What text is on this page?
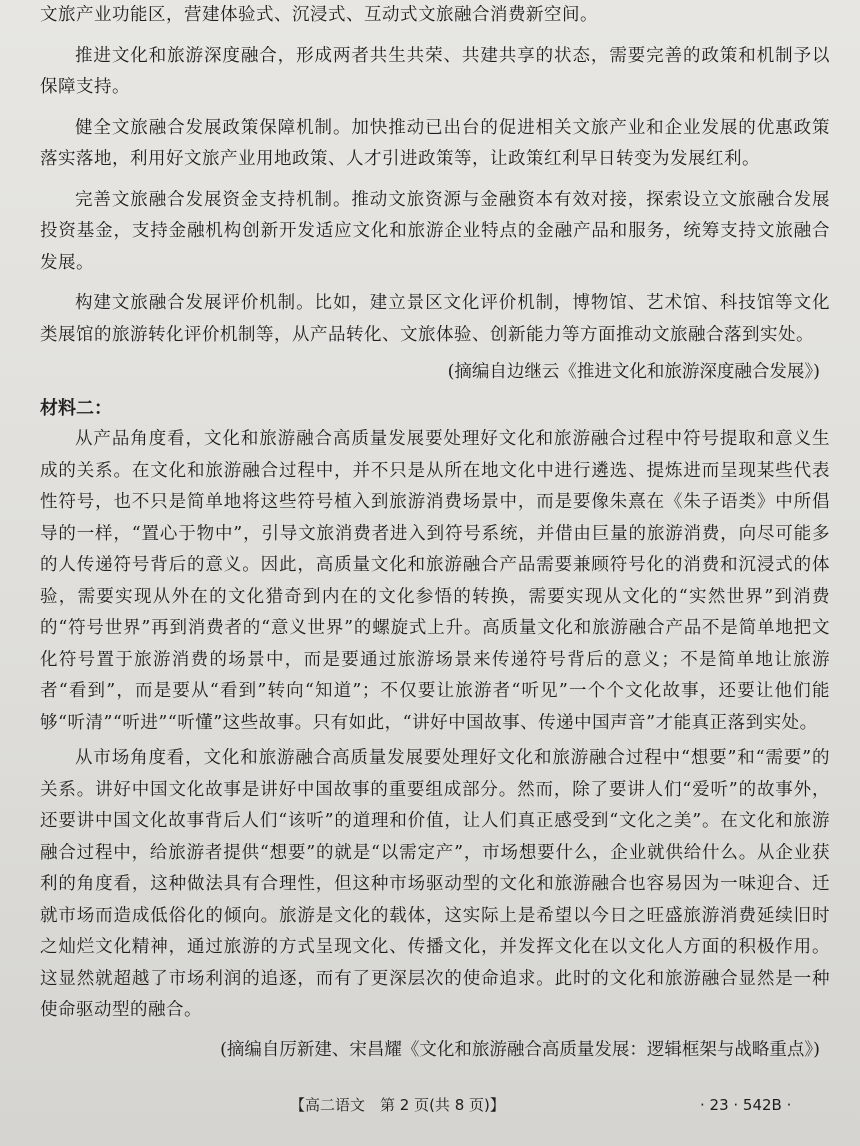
文旅产业功能区，营建体验式、沉浸式、互动式文旅融合消费新空间。

推进文化和旅游深度融合，形成两者共生共荣、共建共享的状态，需要完善的政策和机制予以保障支持。

健全文旅融合发展政策保障机制。加快推动已出台的促进相关文旅产业和企业发展的优惠政策落实落地，利用好文旅产业用地政策、人才引进政策等，让政策红利早日转变为发展红利。

完善文旅融合发展资金支持机制。推动文旅资源与金融资本有效对接，探索设立文旅融合发展投资基金，支持金融机构创新开发适应文化和旅游企业特点的金融产品和服务，统筹支持文旅融合发展。

构建文旅融合发展评价机制。比如，建立景区文化评价机制，博物馆、艺术馆、科技馆等文化类展馆的旅游转化评价机制等，从产品转化、文旅体验、创新能力等方面推动文旅融合落到实处。

(摘编自边继云《推进文化和旅游深度融合发展》)

材料二：

从产品角度看，文化和旅游融合高质量发展要处理好文化和旅游融合过程中符号提取和意义生成的关系。在文化和旅游融合过程中，并不只是从所在地文化中进行遴选、提炼进而呈现某些代表性符号，也不只是简单地将这些符号植入到旅游消费场景中，而是要像朱熹在《朱子语类》中所倡导的一样，“置心于物中”，引导文旅消费者进入到符号系统，并借由巨量的旅游消费，向尽可能多的人传递符号背后的意义。因此，高质量文化和旅游融合产品需要兼顾符号化的消费和沉浸式的体验，需要实现从外在的文化猎奇到内在的文化参悟的转换，需要实现从文化的“实然世界”到消费的“符号世界”再到消费者的“意义世界”的螺旋式上升。高质量文化和旅游融合产品不是简单地把文化符号置于旅游消费的场景中，而是要通过旅游场景来传递符号背后的意义；不是简单地让旅游者“看到”，而是要从“看到”转向“知道”；不仅要让旅游者“听见”一个个文化故事，还要让他们能够“听清”“听进”“听懂”这些故事。只有如此，“讲好中国故事、传递中国声音”才能真正落到实处。

从市场角度看，文化和旅游融合高质量发展要处理好文化和旅游融合过程中“想要”和“需要”的关系。讲好中国文化故事是讲好中国故事的重要组成部分。然而，除了要讲人们“爱听”的故事外，还要讲中国文化故事背后人们“该听”的道理和价值，让人们真正感受到“文化之美”。在文化和旅游融合过程中，给旅游者提供“想要”的就是“以需定产”，市场想要什么，企业就供给什么。从企业获利的角度看，这种做法具有合理性，但这种市场驱动型的文化和旅游融合也容易因为一味迎合、迁就市场而造成低俗化的倾向。旅游是文化的载体，这实际上是希望以今日之旺盛旅游消费延续旧时之灿烂文化精神，通过旅游的方式呈现文化、传播文化，并发挥文化在以文化人方面的积极作用。这显然就超越了市场利润的追逐，而有了更深层次的使命追求。此时的文化和旅游融合显然是一种使命驱动型的融合。

(摘编自厉新建、宋昌耀《文化和旅游融合高质量发展：逻辑框架与战略重点》)

【高二语文　第 2 页(共 8 页)】	· 23 · 542B ·
